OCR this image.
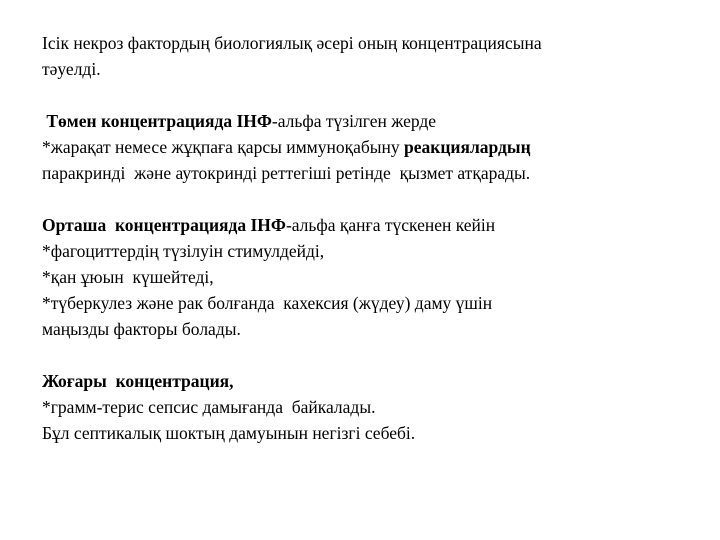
Ісік некроз фактордың биологиялық әсері оның концентрациясына
тәуелді.
Төмен концентрацияда ІНФ-альфа түзілген жерде
*жарақат немесе жұқпаға қарсы иммуноқабыну реакциялардың
паракринді  және аутокринді реттегіші ретінде  қызмет атқарады.
Орташа  концентрацияда ІНФ-альфа қанға түскенен кейін
*фагоциттердің түзілуін стимулдейді,
*қан ұюын  күшейтеді,
*түберкулез және рак болғанда  кахексия (жүдеу) даму үшін
маңызды факторы болады.
Жоғары  концентрация,
*грамм-терис сепсис дамығанда  байкалады.
Бұл септикалық шоктың дамуынын негізгі себебі.
